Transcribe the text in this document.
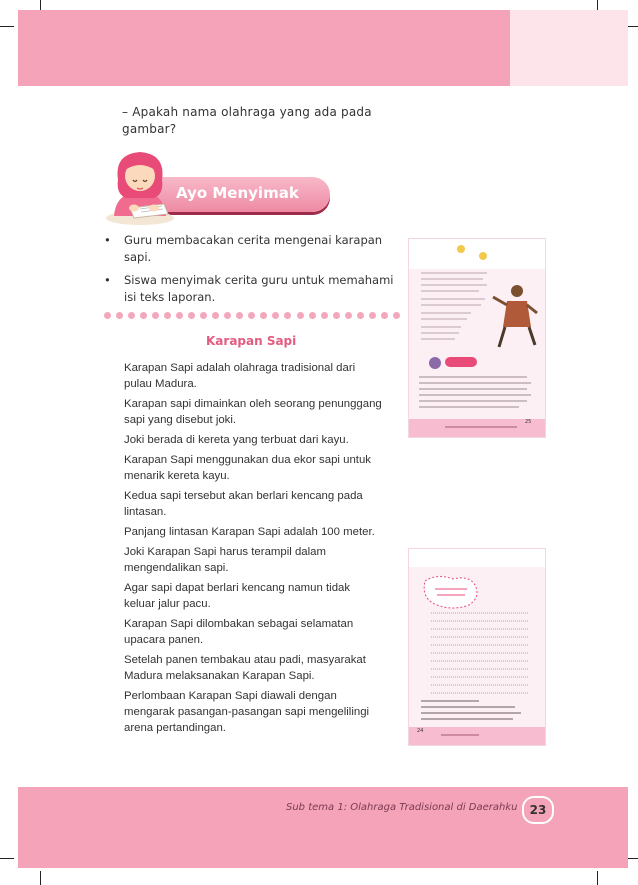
– Apakah nama olahraga yang ada pada gambar?
Ayo Menyimak
• Guru membacakan cerita mengenai karapan sapi.
• Siswa menyimak cerita guru untuk memahami isi teks laporan.
Karapan Sapi

Karapan Sapi adalah olahraga tradisional dari pulau Madura.

Karapan sapi dimainkan oleh seorang penunggang sapi yang disebut joki.

Joki berada di kereta yang terbuat dari kayu.

Karapan Sapi menggunakan dua ekor sapi untuk menarik kereta kayu.

Kedua sapi tersebut akan berlari kencang pada lintasan.

Panjang lintasan Karapan Sapi adalah 100 meter.

Joki Karapan Sapi harus terampil dalam mengendalikan sapi.

Agar sapi dapat berlari kencang namun tidak keluar jalur pacu.

Karapan Sapi dilombakan sebagai selamatan upacara panen.

Setelah panen tembakau atau padi, masyarakat Madura melaksanakan Karapan Sapi.

Perlombaan Karapan Sapi diawali dengan mengarak pasangan-pasangan sapi mengelilingi arena pertandingan.

25
24
Sub tema 1: Olahraga Tradisional di Daerahku	23
